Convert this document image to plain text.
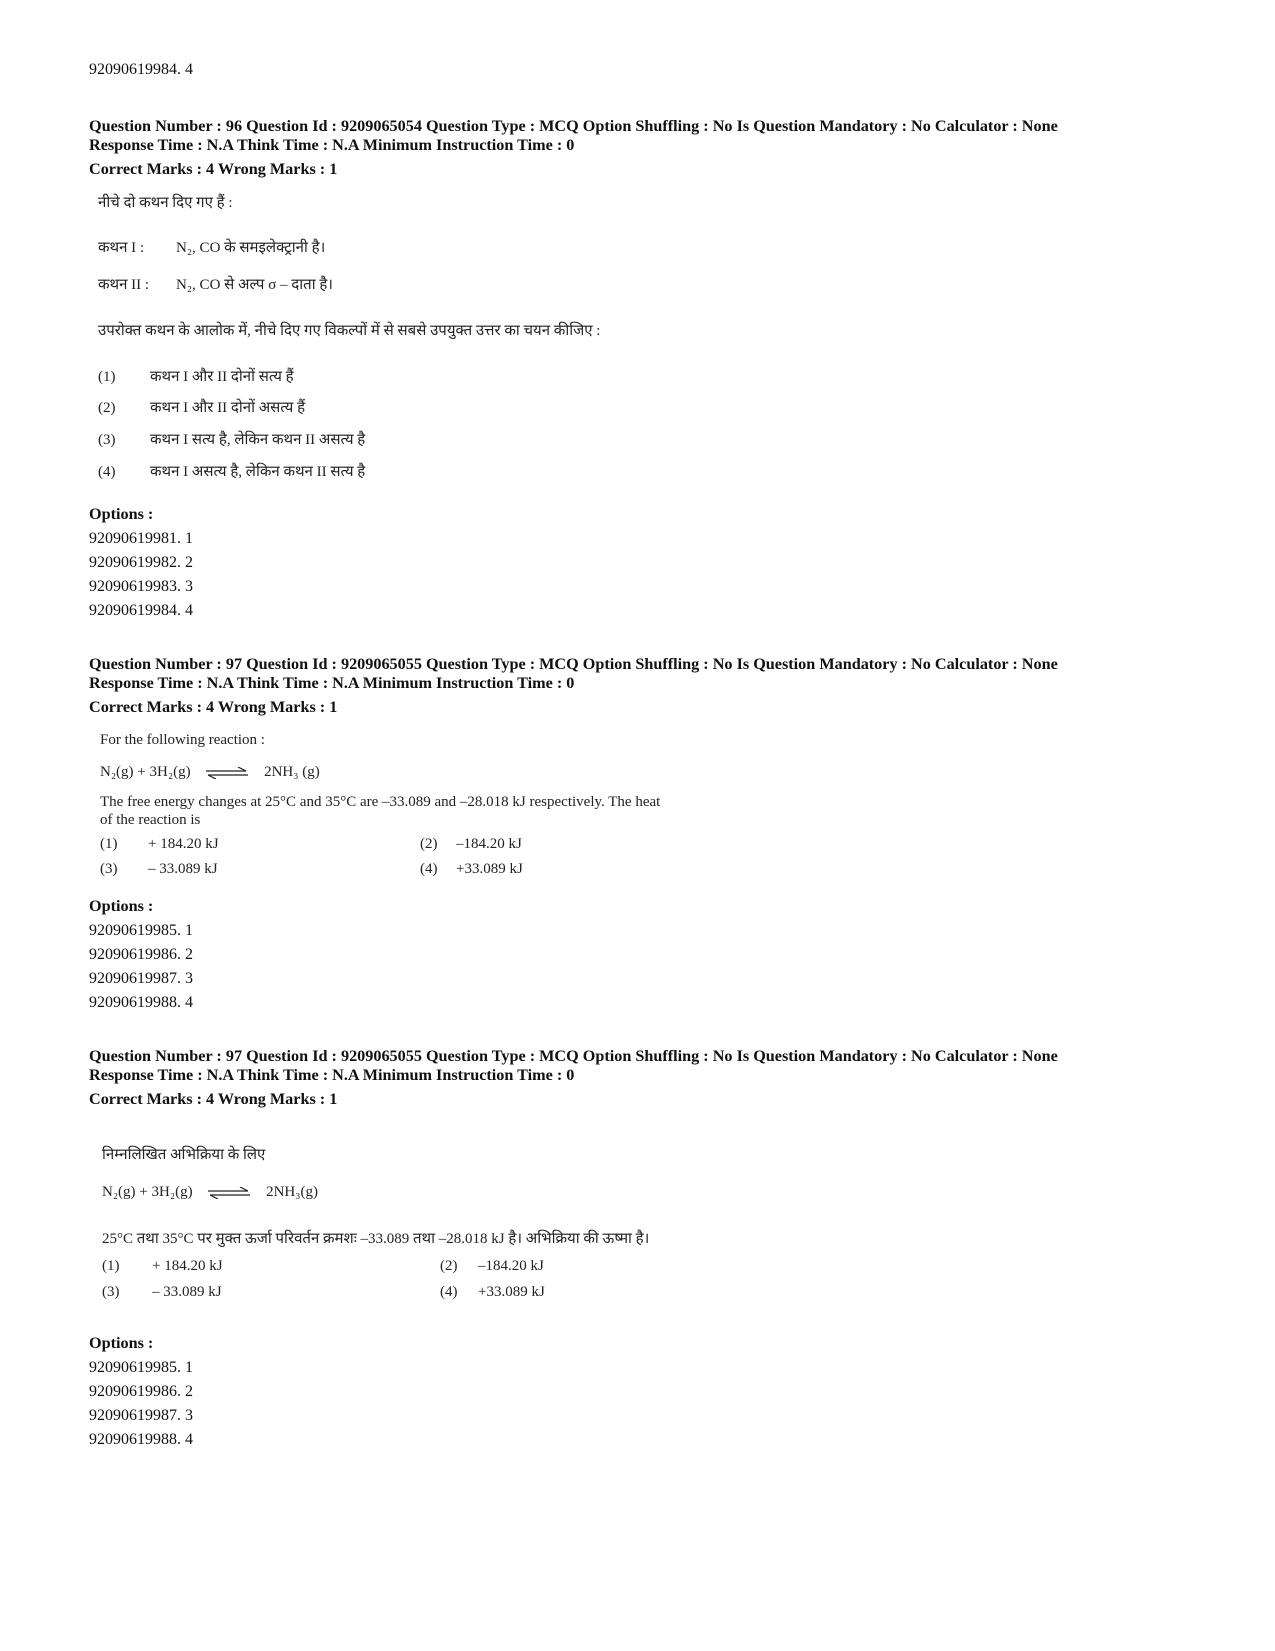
92090619984. 4
Question Number : 96 Question Id : 9209065054 Question Type : MCQ Option Shuffling : No Is Question Mandatory : No Calculator : None
Response Time : N.A Think Time : N.A Minimum Instruction Time : 0
Correct Marks : 4 Wrong Marks : 1
नीचे दो कथन दिए गए हैं :
कथन I : N₂, CO के समइलेक्ट्रानी है।
कथन II : N₂, CO से अल्प σ – दाता है।
उपरोक्त कथन के आलोक में, नीचे दिए गए विकल्पों में से सबसे उपयुक्त उत्तर का चयन कीजिए :
(1) कथन I और II दोनों सत्य हैं
(2) कथन I और II दोनों असत्य हैं
(3) कथन I सत्य है, लेकिन कथन II असत्य है
(4) कथन I असत्य है, लेकिन कथन II सत्य है
Options :
92090619981. 1
92090619982. 2
92090619983. 3
92090619984. 4
Question Number : 97 Question Id : 9209065055 Question Type : MCQ Option Shuffling : No Is Question Mandatory : No Calculator : None
Response Time : N.A Think Time : N.A Minimum Instruction Time : 0
Correct Marks : 4 Wrong Marks : 1
For the following reaction :
N₂(g) + 3H₂(g) ⇌ 2NH₃ (g)
The free energy changes at 25°C and 35°C are –33.089 and –28.018 kJ respectively. The heat
of the reaction is
(1) + 184.20 kJ	(2) –184.20 kJ
(3) – 33.089 kJ	(4) +33.089 kJ
Options :
92090619985. 1
92090619986. 2
92090619987. 3
92090619988. 4
Question Number : 97 Question Id : 9209065055 Question Type : MCQ Option Shuffling : No Is Question Mandatory : No Calculator : None
Response Time : N.A Think Time : N.A Minimum Instruction Time : 0
Correct Marks : 4 Wrong Marks : 1
निम्नलिखित अभिक्रिया के लिए
N₂(g) + 3H₂(g) ⇌ 2NH₃(g)
25°C तथा 35°C पर मुक्त ऊर्जा परिवर्तन क्रमशः –33.089 तथा –28.018 kJ है। अभिक्रिया की ऊष्मा है।
(1) + 184.20 kJ	(2) –184.20 kJ
(3) – 33.089 kJ	(4) +33.089 kJ
Options :
92090619985. 1
92090619986. 2
92090619987. 3
92090619988. 4
